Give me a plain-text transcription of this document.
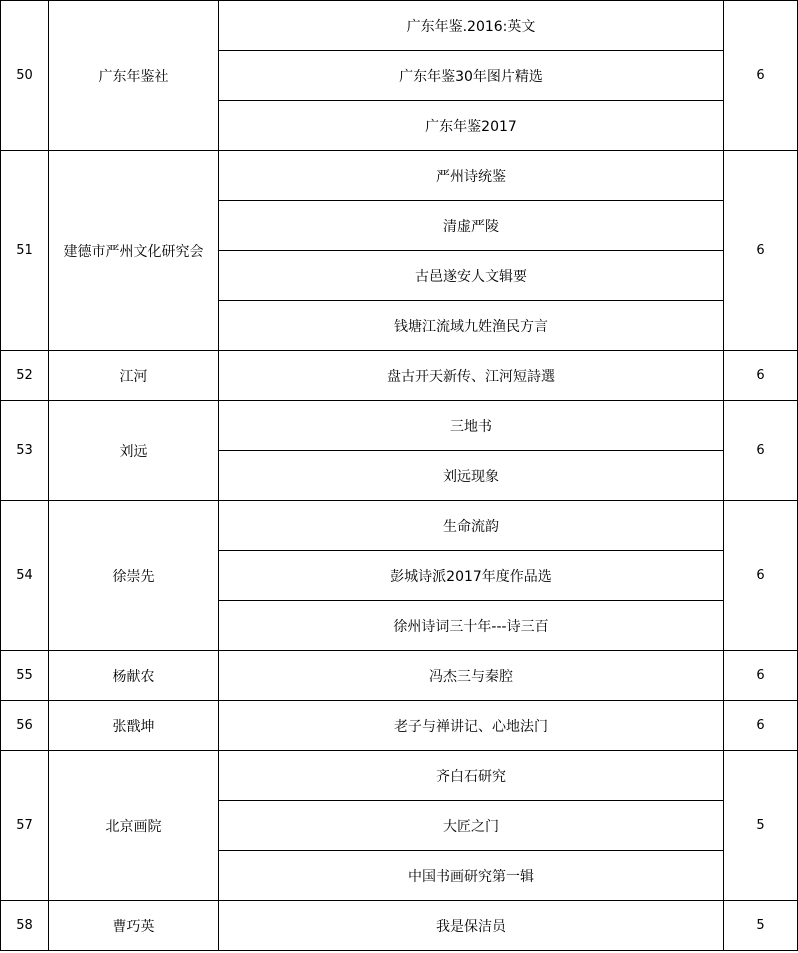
50	广东年鉴社	广东年鉴.2016:英文	6
		广东年鉴30年图片精选	
		广东年鉴2017	
51	建德市严州文化研究会	严州诗统鉴	6
		清虚严陵	
		古邑遂安人文辑要	
		钱塘江流域九姓渔民方言	
52	江河	盘古开天新传、江河短詩選	6
53	刘远	三地书	6
		刘远现象	
54	徐崇先	生命流韵	6
		彭城诗派2017年度作品选	
		徐州诗词三十年---诗三百	
55	杨献农	冯杰三与秦腔	6
56	张戬坤	老子与禅讲记、心地法门	6
57	北京画院	齐白石研究	5
		大匠之门	
		中国书画研究第一辑	
58	曹巧英	我是保洁员	5
